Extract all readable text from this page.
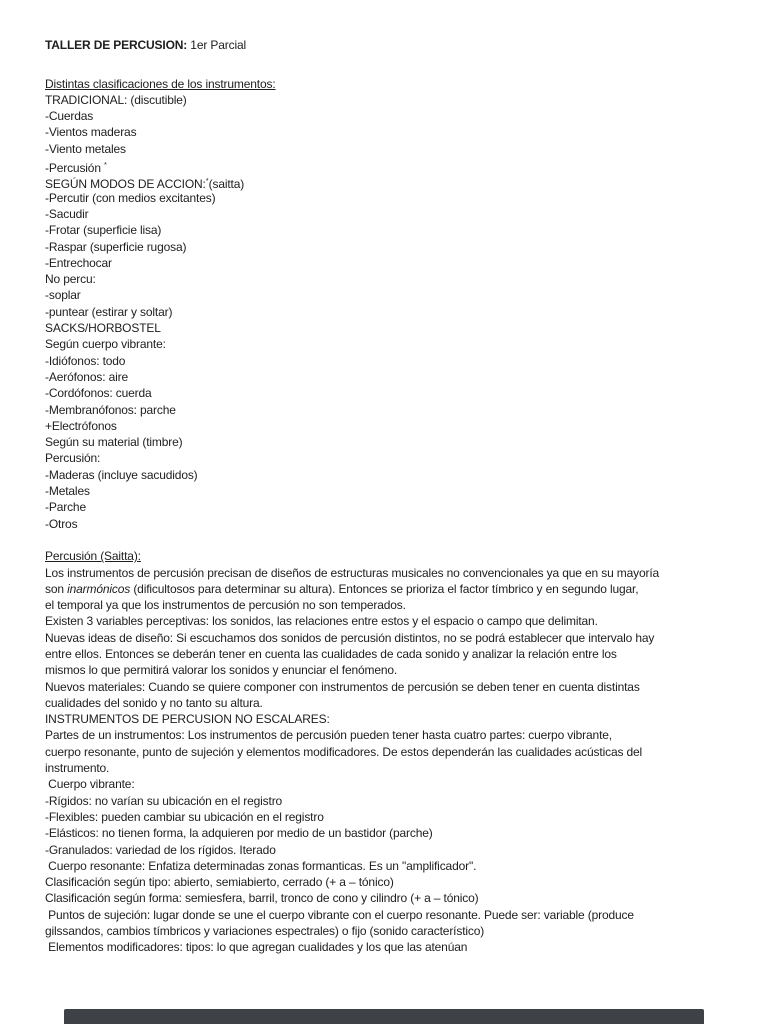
TALLER DE PERCUSION: 1er Parcial

Distintas clasificaciones de los instrumentos:
TRADICIONAL: (discutible)
-Cuerdas
-Vientos maderas
-Viento metales
-Percusión *
SEGÚN MODOS DE ACCION:*(saitta)
-Percutir (con medios excitantes)
-Sacudir
-Frotar (superficie lisa)
-Raspar (superficie rugosa)
-Entrechocar
No percu:
-soplar
-puntear (estirar y soltar)
SACKS/HORBOSTEL
Según cuerpo vibrante:
-Idiófonos: todo
-Aerófonos: aire
-Cordófonos: cuerda
-Membranófonos: parche
+Electrófonos
Según su material (timbre)
Percusión:
-Maderas (incluye sacudidos)
-Metales
-Parche
-Otros

Percusión (Saitta):
Los instrumentos de percusión precisan de diseños de estructuras musicales no convencionales ya que en su mayoría
son inarmónicos (dificultosos para determinar su altura). Entonces se prioriza el factor tímbrico y en segundo lugar,
el temporal ya que los instrumentos de percusión no son temperados.
Existen 3 variables perceptivas: los sonidos, las relaciones entre estos y el espacio o campo que delimitan.
Nuevas ideas de diseño: Si escuchamos dos sonidos de percusión distintos, no se podrá establecer que intervalo hay
entre ellos. Entonces se deberán tener en cuenta las cualidades de cada sonido y analizar la relación entre los
mismos lo que permitirá valorar los sonidos y enunciar el fenómeno.
Nuevos materiales: Cuando se quiere componer con instrumentos de percusión se deben tener en cuenta distintas
cualidades del sonido y no tanto su altura.
INSTRUMENTOS DE PERCUSION NO ESCALARES:
Partes de un instrumentos: Los instrumentos de percusión pueden tener hasta cuatro partes: cuerpo vibrante,
cuerpo resonante, punto de sujeción y elementos modificadores. De estos dependerán las cualidades acústicas del
instrumento.
Cuerpo vibrante:
-Rígidos: no varían su ubicación en el registro
-Flexibles: pueden cambiar su ubicación en el registro
-Elásticos: no tienen forma, la adquieren por medio de un bastidor (parche)
-Granulados: variedad de los rígidos. Iterado
Cuerpo resonante: Enfatiza determinadas zonas formanticas. Es un "amplificador".
Clasificación según tipo: abierto, semiabierto, cerrado (+ a – tónico)
Clasificación según forma: semiesfera, barril, tronco de cono y cilindro (+ a – tónico)
Puntos de sujeción: lugar donde se une el cuerpo vibrante con el cuerpo resonante. Puede ser: variable (produce
gilssandos, cambios tímbricos y variaciones espectrales) o fijo (sonido característico)
Elementos modificadores: tipos: lo que agregan cualidades y los que las atenúan
